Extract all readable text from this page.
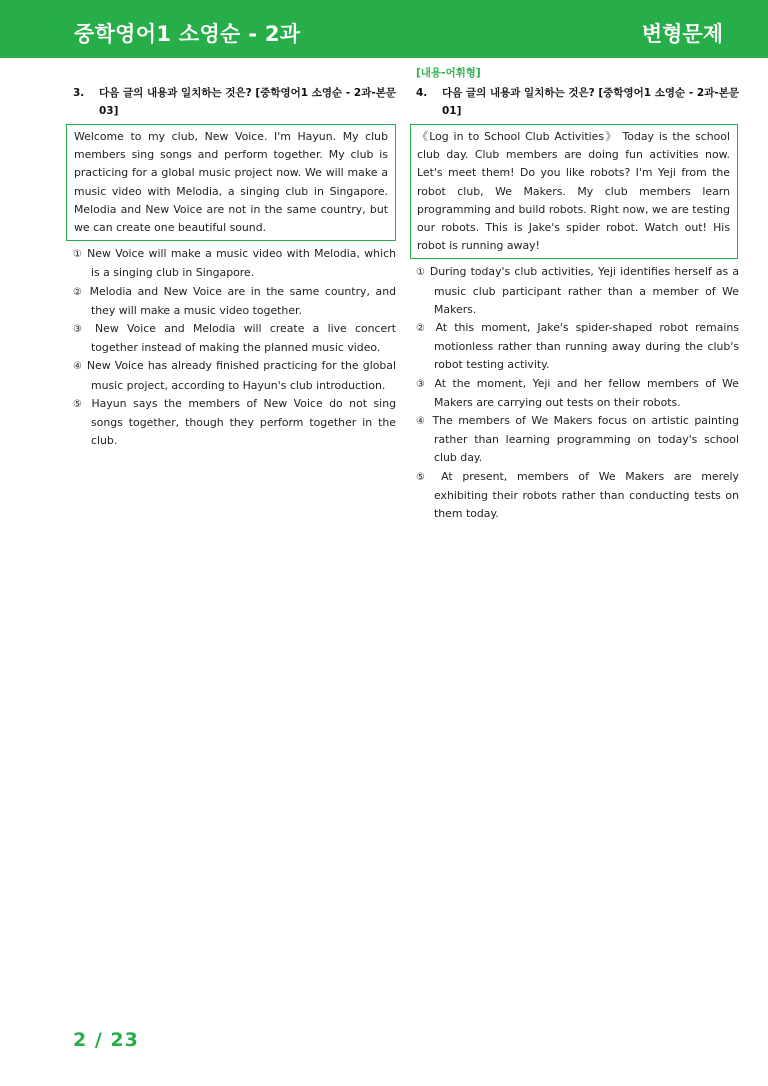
중학영어1 소영순 - 2과	변형문제
3.	다음 글의 내용과 일치하는 것은? [중학영어1 소영순 - 2과-본문 03]
Welcome to my club, New Voice. I'm Hayun. My club members sing songs and perform together. My club is practicing for a global music project now. We will make a music video with Melodia, a singing club in Singapore. Melodia and New Voice are not in the same country, but we can create one beautiful sound.
① New Voice will make a music video with Melodia, which is a singing club in Singapore.
② Melodia and New Voice are in the same country, and they will make a music video together.
③ New Voice and Melodia will create a live concert together instead of making the planned music video.
④ New Voice has already finished practicing for the global music project, according to Hayun's club introduction.
⑤ Hayun says the members of New Voice do not sing songs together, though they perform together in the club.
[내용-어휘형]
4.	다음 글의 내용과 일치하는 것은? [중학영어1 소영순 - 2과-본문 01]
《Log in to School Club Activities》 Today is the school club day. Club members are doing fun activities now. Let's meet them! Do you like robots? I'm Yeji from the robot club, We Makers. My club members learn programming and build robots. Right now, we are testing our robots. This is Jake's spider robot. Watch out! His robot is running away!
① During today's club activities, Yeji identifies herself as a music club participant rather than a member of We Makers.
② At this moment, Jake's spider-shaped robot remains motionless rather than running away during the club's robot testing activity.
③ At the moment, Yeji and her fellow members of We Makers are carrying out tests on their robots.
④ The members of We Makers focus on artistic painting rather than learning programming on today's school club day.
⑤ At present, members of We Makers are merely exhibiting their robots rather than conducting tests on them today.
2 / 23
